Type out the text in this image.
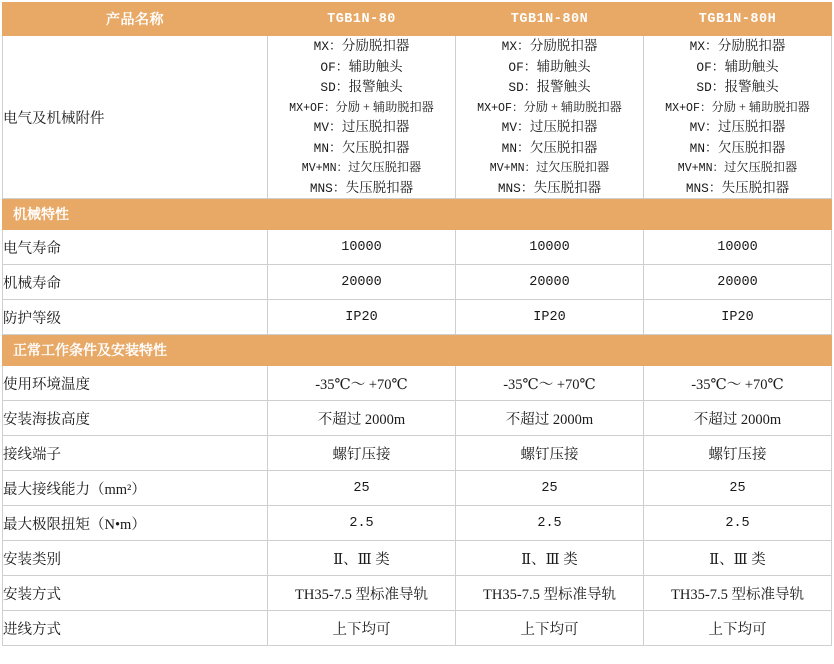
产品名称	TGB1N-80	TGB1N-80N	TGB1N-80H
电气及机械附件	
MX：分励脱扣器
OF：辅助触头
SD：报警触头
MX+OF：分励 + 辅助脱扣器
MV：过压脱扣器
MN：欠压脱扣器
MV+MN：过欠压脱扣器
MNS：失压脱扣器

MX：分励脱扣器
OF：辅助触头
SD：报警触头
MX+OF：分励 + 辅助脱扣器
MV：过压脱扣器
MN：欠压脱扣器
MV+MN：过欠压脱扣器
MNS：失压脱扣器

MX：分励脱扣器
OF：辅助触头
SD：报警触头
MX+OF：分励 + 辅助脱扣器
MV：过压脱扣器
MN：欠压脱扣器
MV+MN：过欠压脱扣器
MNS：失压脱扣器

机械特性			
电气寿命	10000	10000	10000
机械寿命	20000	20000	20000
防护等级	IP20	IP20	IP20
正常工作条件及安装特性			
使用环境温度	-35℃～ +70℃	-35℃～ +70℃	-35℃～ +70℃
安装海拔高度	不超过 2000m	不超过 2000m	不超过 2000m
接线端子	螺钉压接	螺钉压接	螺钉压接
最大接线能力（mm²）	25	25	25
最大极限扭矩（N•m）	2.5	2.5	2.5
安装类别	Ⅱ、Ⅲ 类	Ⅱ、Ⅲ 类	Ⅱ、Ⅲ 类
安装方式	TH35-7.5 型标准导轨	TH35-7.5 型标准导轨	TH35-7.5 型标准导轨
进线方式	上下均可	上下均可	上下均可
